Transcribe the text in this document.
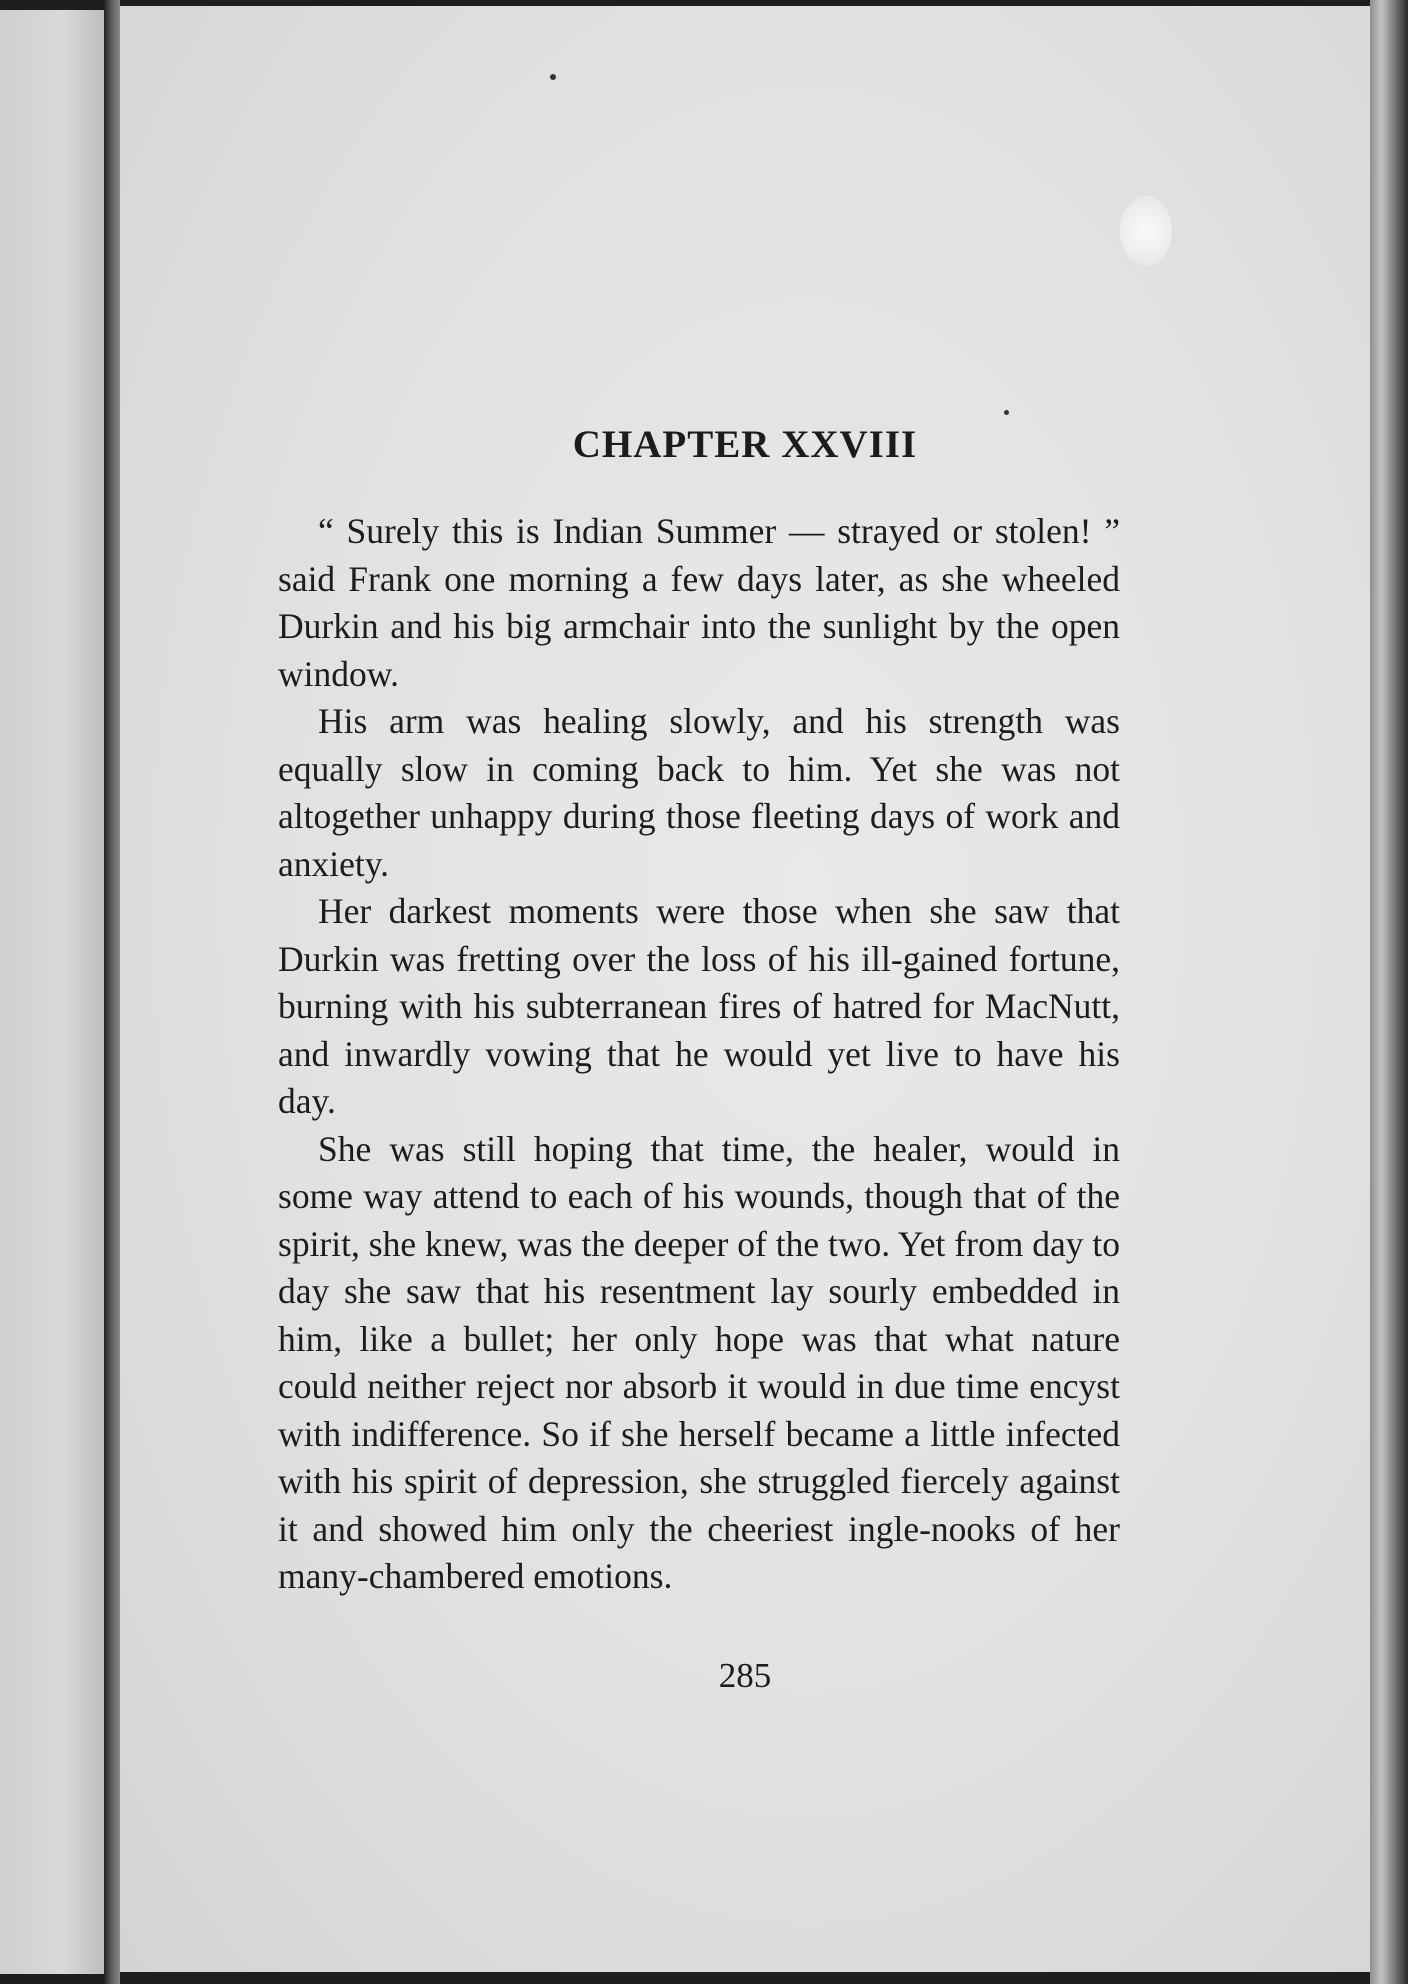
CHAPTER XXVIII

“ Surely this is Indian Summer — strayed or stolen! ” said Frank one morning a few days later, as she wheeled Durkin and his big armchair into the sunlight by the open window.

His arm was healing slowly, and his strength was equally slow in coming back to him. Yet she was not altogether unhappy during those fleeting days of work and anxiety.

Her darkest moments were those when she saw that Durkin was fretting over the loss of his ill-gained fortune, burning with his subterranean fires of hatred for MacNutt, and inwardly vowing that he would yet live to have his day.

She was still hoping that time, the healer, would in some way attend to each of his wounds, though that of the spirit, she knew, was the deeper of the two. Yet from day to day she saw that his resentment lay sourly embedded in him, like a bullet; her only hope was that what nature could neither reject nor absorb it would in due time encyst with indifference. So if she herself became a little infected with his spirit of depression, she struggled fiercely against it and showed him only the cheeriest ingle-nooks of her many-chambered emotions.

285
